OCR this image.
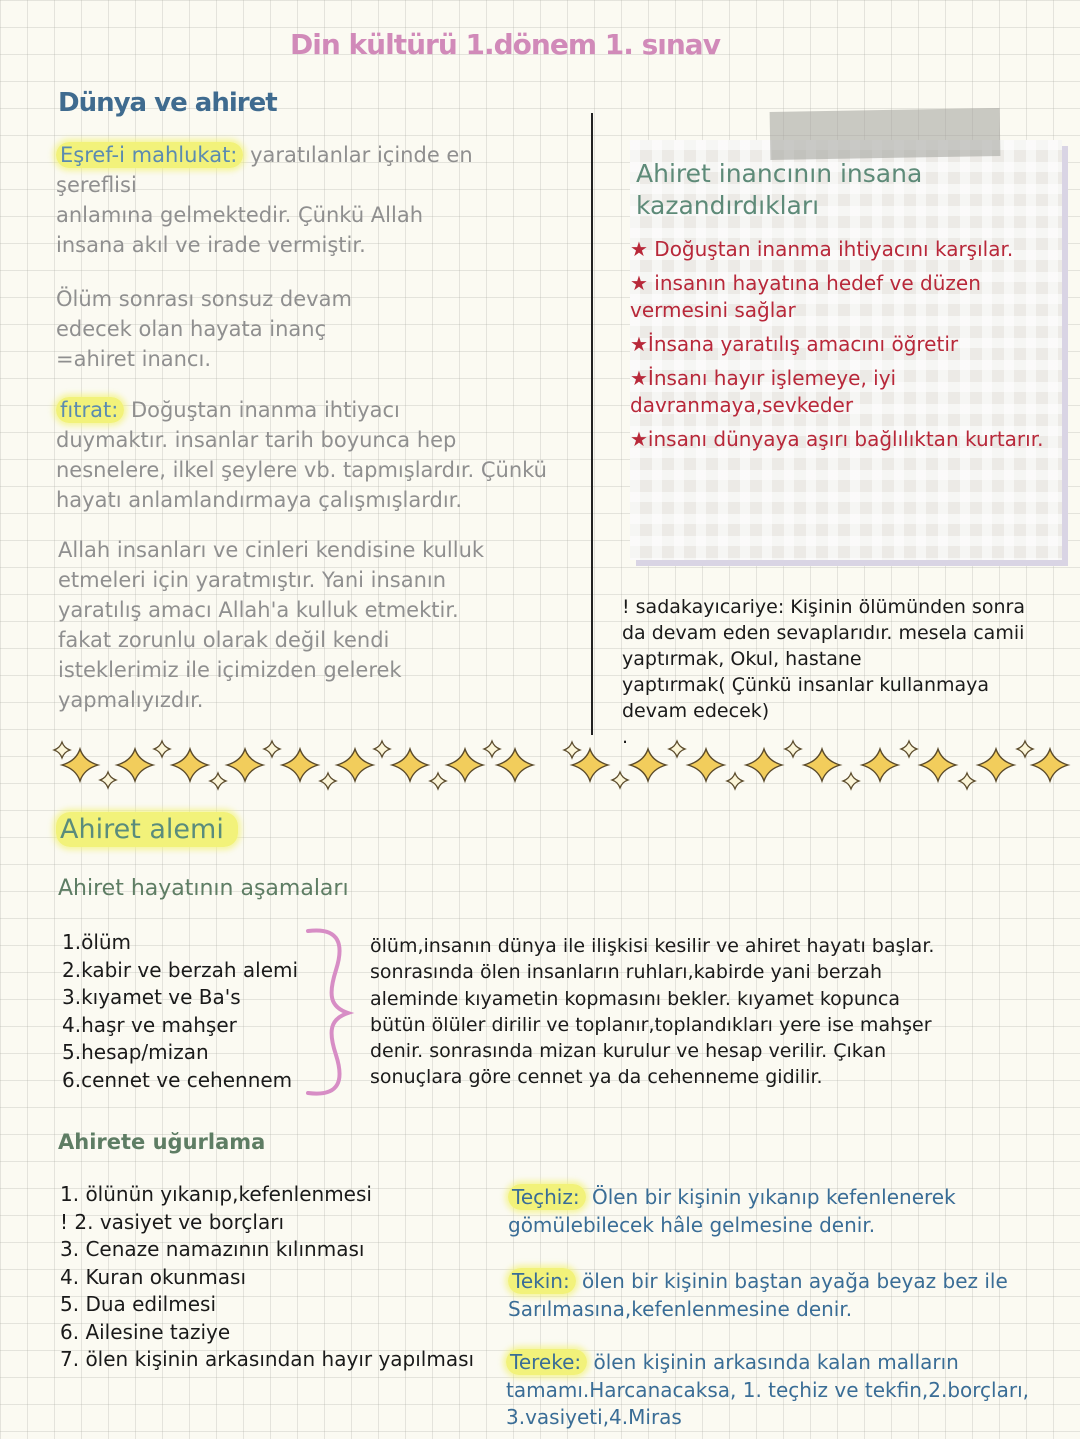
Din kültürü 1.dönem 1. sınav
Dünya ve ahiret
Eşref-i mahlukat: yaratılanlar içinde en
şereflisi
anlamına gelmektedir. Çünkü Allah
insana akıl ve irade vermiştir.
Ölüm sonrası sonsuz devam
edecek olan hayata inanç
=ahiret inancı.
fıtrat: Doğuştan inanma ihtiyacı
duymaktır. insanlar tarih boyunca hep
nesnelere, ilkel şeylere vb. tapmışlardır. Çünkü
hayatı anlamlandırmaya çalışmışlardır.
Allah insanları ve cinleri kendisine kulluk
etmeleri için yaratmıştır. Yani insanın
yaratılış amacı Allah'a kulluk etmektir.
fakat zorunlu olarak değil kendi
isteklerimiz ile içimizden gelerek
yapmalıyızdır.
Ahiret inancının insana kazandırdıkları
★ Doğuştan inanma ihtiyacını karşılar.
★ insanın hayatına hedef ve düzen vermesini sağlar
★İnsana yaratılış amacını öğretir
★İnsanı hayır işlemeye, iyi davranmaya,sevkeder
★insanı dünyaya aşırı bağlılıktan kurtarır.
! sadakayıcariye: Kişinin ölümünden sonra
da devam eden sevaplarıdır. mesela camii
yaptırmak, Okul, hastane
yaptırmak( Çünkü insanlar kullanmaya
devam edecek)
.
Ahiret alemi
Ahiret hayatının aşamaları
1.ölüm
2.kabir ve berzah alemi
3.kıyamet ve Ba's
4.haşr ve mahşer
5.hesap/mizan
6.cennet ve cehennem
ölüm,insanın dünya ile ilişkisi kesilir ve ahiret hayatı başlar.
sonrasında ölen insanların ruhları,kabirde yani berzah
aleminde kıyametin kopmasını bekler. kıyamet kopunca
bütün ölüler dirilir ve toplanır,toplandıkları yere ise mahşer
denir. sonrasında mizan kurulur ve hesap verilir. Çıkan
sonuçlara göre cennet ya da cehenneme gidilir.
Ahirete uğurlama
1. ölünün yıkanıp,kefenlenmesi
! 2. vasiyet ve borçları
3. Cenaze namazının kılınması
4. Kuran okunması
5. Dua edilmesi
6. Ailesine taziye
7. ölen kişinin arkasından hayır yapılması
Teçhiz: Ölen bir kişinin yıkanıp kefenlenerek
gömülebilecek hâle gelmesine denir.
Tekin: ölen bir kişinin baştan ayağa beyaz bez ile
Sarılmasına,kefenlenmesine denir.
Tereke: ölen kişinin arkasında kalan malların
tamamı.Harcanacaksa, 1. teçhiz ve tekfin,2.borçları,
3.vasiyeti,4.Miras
